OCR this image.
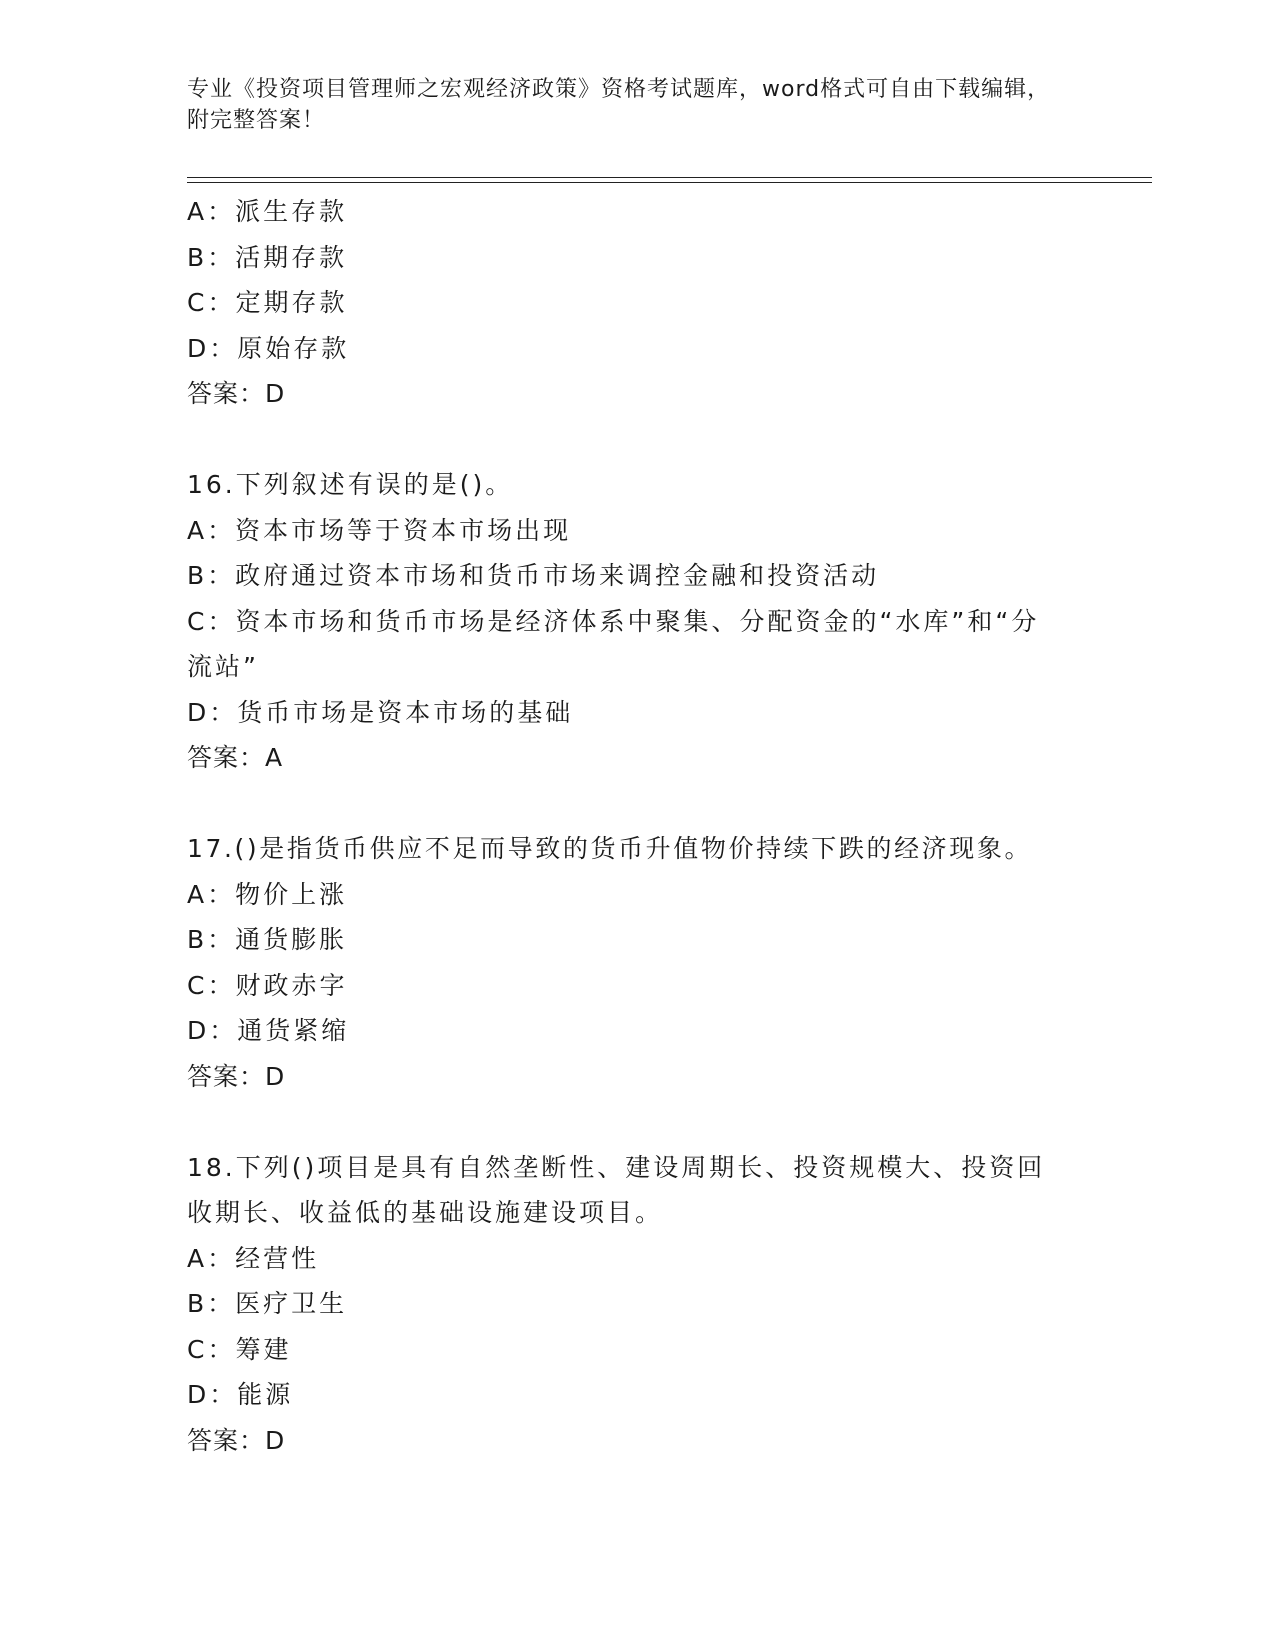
专业《投资项目管理师之宏观经济政策》资格考试题库，word格式可自由下载编辑，附完整答案！
A：派生存款
B：活期存款
C：定期存款
D：原始存款
答案：D
16.下列叙述有误的是()。
A：资本市场等于资本市场出现
B：政府通过资本市场和货币市场来调控金融和投资活动
C：资本市场和货币市场是经济体系中聚集、分配资金的“水库”和“分流站”
D：货币市场是资本市场的基础
答案：A
17.()是指货币供应不足而导致的货币升值物价持续下跌的经济现象。
A：物价上涨
B：通货膨胀
C：财政赤字
D：通货紧缩
答案：D
18.下列()项目是具有自然垄断性、建设周期长、投资规模大、投资回收期长、收益低的基础设施建设项目。
A：经营性
B：医疗卫生
C：筹建
D：能源
答案：D
